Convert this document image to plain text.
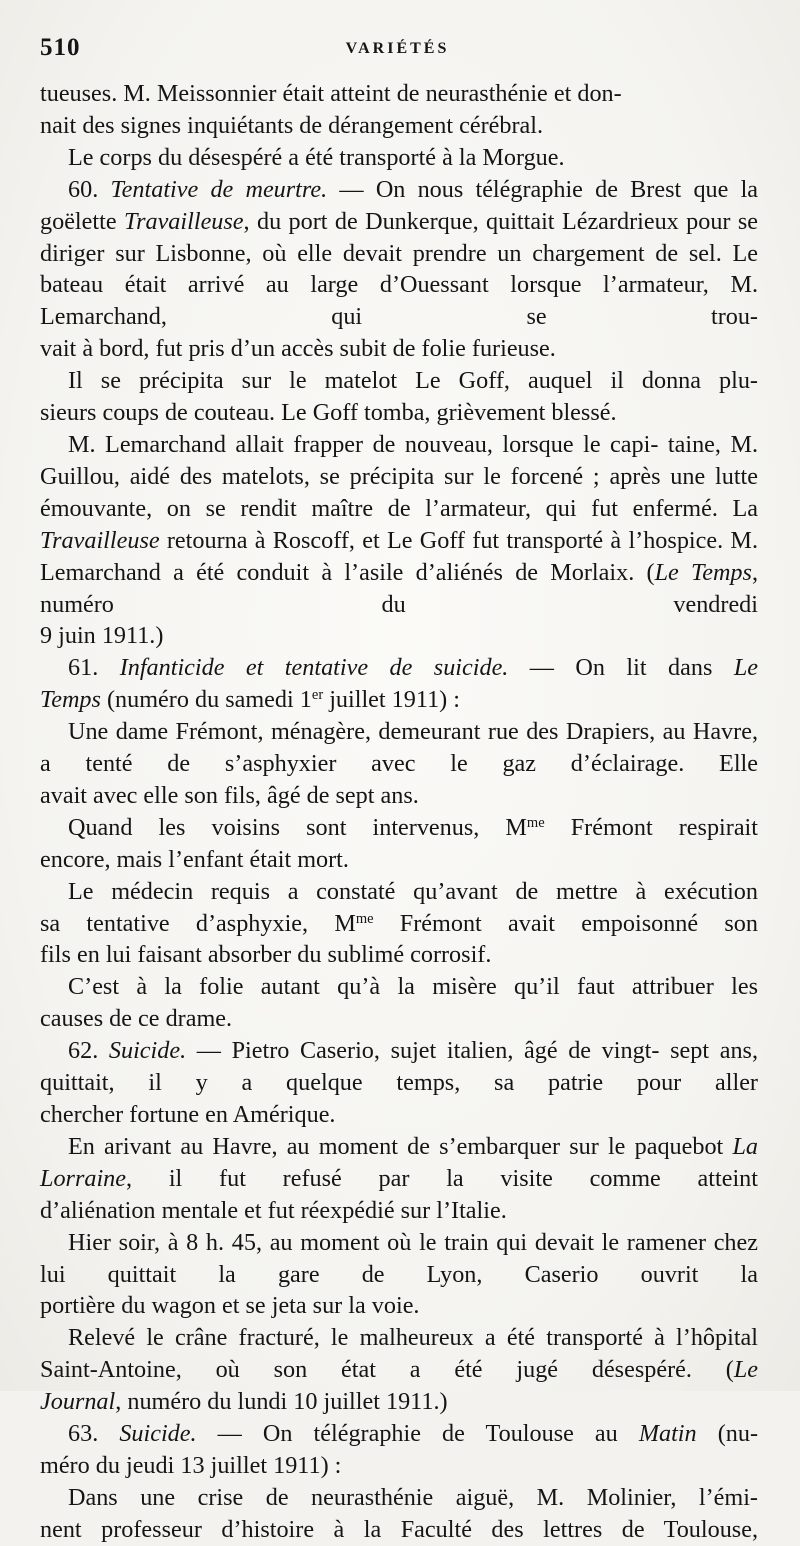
510	VARIÉTÉS

tueuses. M. Meissonnier était atteint de neurasthénie et don-
nait des signes inquiétants de dérangement cérébral.

Le corps du désespéré a été transporté à la Morgue.

60. Tentative de meurtre. — On nous télégraphie de Brest que la goëlette Travailleuse, du port de Dunkerque, quittait Lézardrieux pour se diriger sur Lisbonne, où elle devait prendre un chargement de sel. Le bateau était arrivé au large d’Ouessant lorsque l’armateur, M. Lemarchand, qui se trou-

vait à bord, fut pris d’un accès subit de folie furieuse.

Il se précipita sur le matelot Le Goff, auquel il donna plu-

sieurs coups de couteau. Le Goff tomba, grièvement blessé.

M. Lemarchand allait frapper de nouveau, lorsque le capi- taine, M. Guillou, aidé des matelots, se précipita sur le forcené ; après une lutte émouvante, on se rendit maître de l’armateur, qui fut enfermé. La Travailleuse retourna à Roscoff, et Le Goff fut transporté à l’hospice. M. Lemarchand a été conduit à l’asile d’aliénés de Morlaix. (Le Temps, numéro du vendredi

9 juin 1911.)

61. Infanticide et tentative de suicide. — On lit dans Le

Temps (numéro du samedi 1er juillet 1911) :

Une dame Frémont, ménagère, demeurant rue des Drapiers, au Havre, a tenté de s’asphyxier avec le gaz d’éclairage. Elle

avait avec elle son fils, âgé de sept ans.

Quand les voisins sont intervenus, $M^{me}$ Frémont respirait

encore, mais l’enfant était mort.

Le médecin requis a constaté qu’avant de mettre à exécution

sa tentative d’asphyxie, $M^{me}$ Frémont avait empoisonné son

fils en lui faisant absorber du sublimé corrosif.

C’est à la folie autant qu’à la misère qu’il faut attribuer les

causes de ce drame.

62. Suicide. — Pietro Caserio, sujet italien, âgé de vingt- sept ans, quittait, il y a quelque temps, sa patrie pour aller

chercher fortune en Amérique.

En arivant au Havre, au moment de s’embarquer sur le paquebot La Lorraine, il fut refusé par la visite comme atteint

d’aliénation mentale et fut réexpédié sur l’Italie.

Hier soir, à 8 h. 45, au moment où le train qui devait le ramener chez lui quittait la gare de Lyon, Caserio ouvrit la

portière du wagon et se jeta sur la voie.

Relevé le crâne fracturé, le malheureux a été transporté à l’hôpital Saint-Antoine, où son état a été jugé désespéré. (Le

Journal, numéro du lundi 10 juillet 1911.)

63. Suicide. — On télégraphie de Toulouse au Matin (nu-

méro du jeudi 13 juillet 1911) :

Dans une crise de neurasthénie aiguë, M. Molinier, l’émi-

nent professeur d’histoire à la Faculté des lettres de Toulouse,
